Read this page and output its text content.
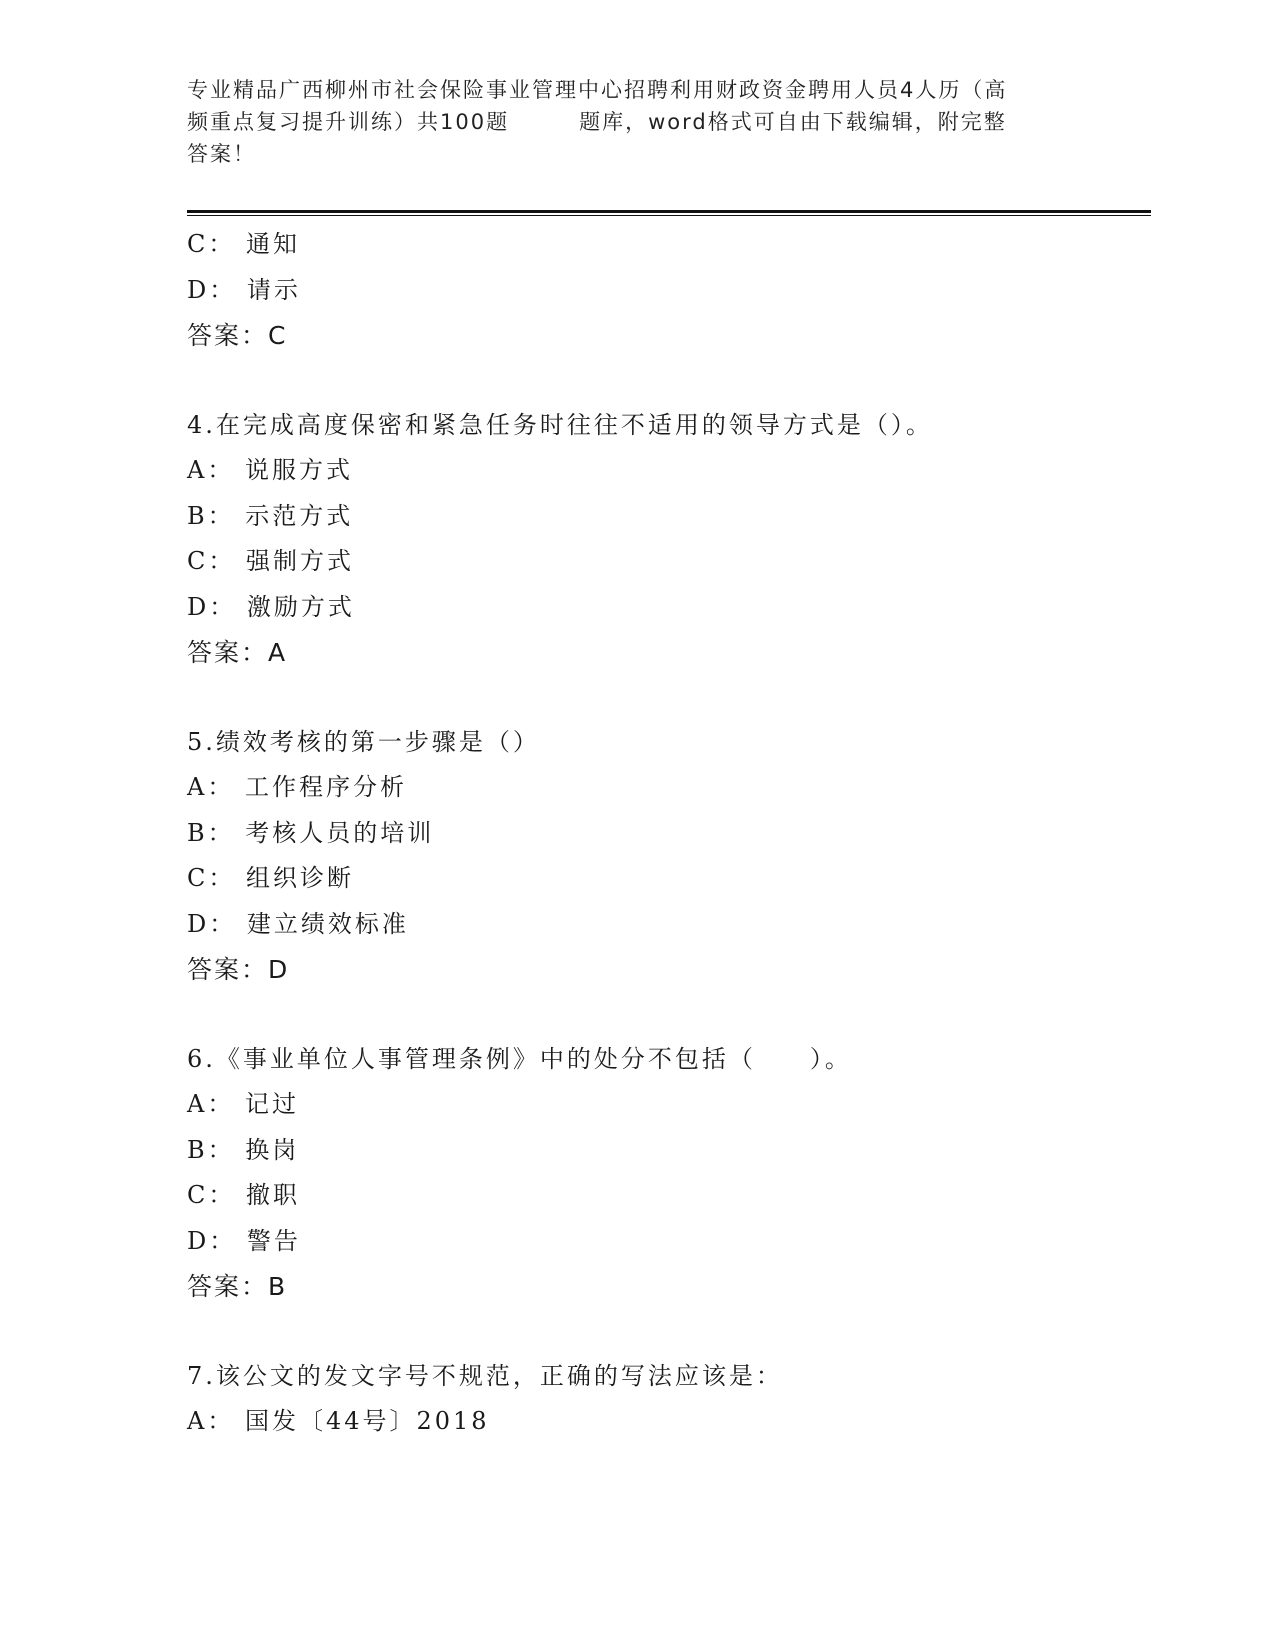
专业精品广西柳州市社会保险事业管理中心招聘利用财政资金聘用人员4人历（高
频重点复习提升训练）共100题	题库，word格式可自由下载编辑，附完整
答案！
C： 通知
D： 请示
答案：C
4.在完成高度保密和紧急任务时往往不适用的领导方式是（）。
A： 说服方式
B： 示范方式
C： 强制方式
D： 激励方式
答案：A
5.绩效考核的第一步骤是（）
A： 工作程序分析
B： 考核人员的培训
C： 组织诊断
D： 建立绩效标准
答案：D
6.《事业单位人事管理条例》中的处分不包括（　　）。
A： 记过
B： 换岗
C： 撤职
D： 警告
答案：B
7.该公文的发文字号不规范，正确的写法应该是：
A： 国发〔44号〕2018
